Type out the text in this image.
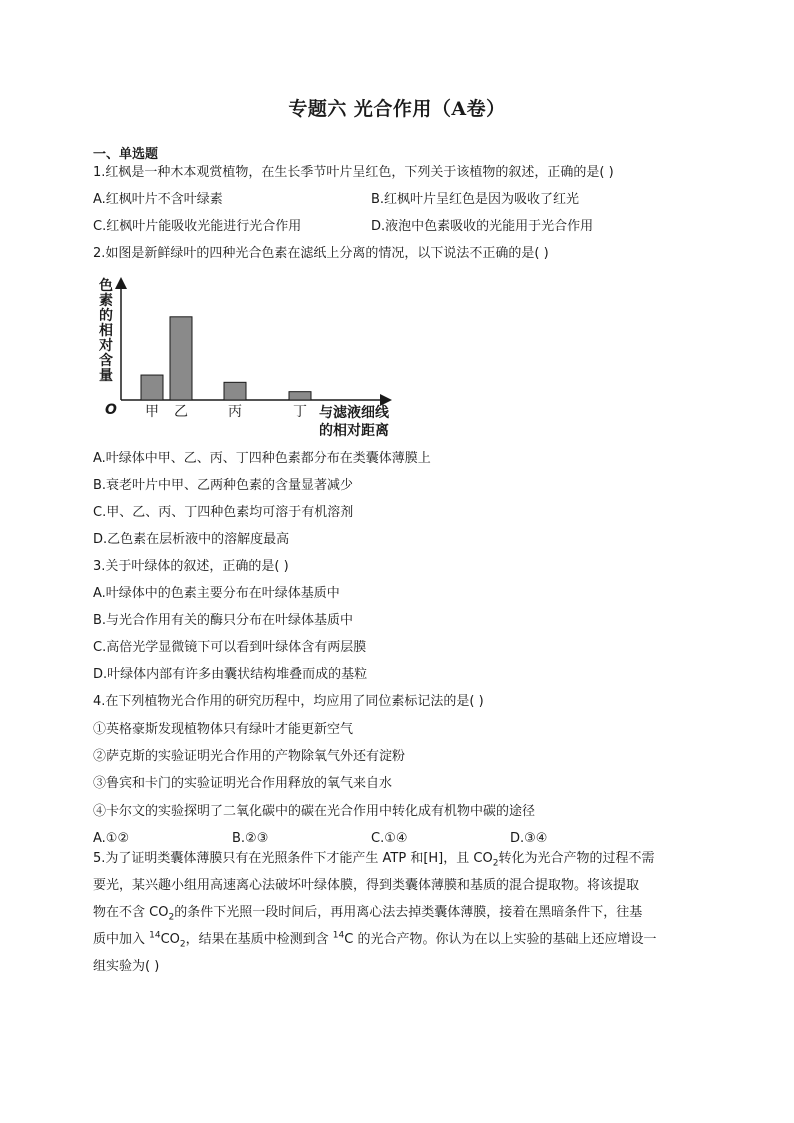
专题六 光合作用（A卷）
一、单选题
1.红枫是一种木本观赏植物，在生长季节叶片呈红色，下列关于该植物的叙述，正确的是( )
A.红枫叶片不含叶绿素	B.红枫叶片呈红色是因为吸收了红光
C.红枫叶片能吸收光能进行光合作用	D.液泡中色素吸收的光能用于光合作用
2.如图是新鲜绿叶的四种光合色素在滤纸上分离的情况，以下说法不正确的是( )
色
素
的
相
对
含
量
O 甲 乙	丙	丁 与滤液细线
的相对距离
A.叶绿体中甲、乙、丙、丁四种色素都分布在类囊体薄膜上
B.衰老叶片中甲、乙两种色素的含量显著减少
C.甲、乙、丙、丁四种色素均可溶于有机溶剂
D.乙色素在层析液中的溶解度最高
3.关于叶绿体的叙述，正确的是( )
A.叶绿体中的色素主要分布在叶绿体基质中
B.与光合作用有关的酶只分布在叶绿体基质中
C.高倍光学显微镜下可以看到叶绿体含有两层膜
D.叶绿体内部有许多由囊状结构堆叠而成的基粒
4.在下列植物光合作用的研究历程中，均应用了同位素标记法的是( )
①英格豪斯发现植物体只有绿叶才能更新空气
②萨克斯的实验证明光合作用的产物除氧气外还有淀粉
③鲁宾和卡门的实验证明光合作用释放的氧气来自水
④卡尔文的实验探明了二氧化碳中的碳在光合作用中转化成有机物中碳的途径
A.①②	B.②③	C.①④	D.③④
5.为了证明类囊体薄膜只有在光照条件下才能产生 ATP 和[H]，且 $CO_2$转化为光合产物的过程不需
要光，某兴趣小组用高速离心法破坏叶绿体膜，得到类囊体薄膜和基质的混合提取物。将该提取
物在不含 $CO_2$的条件下光照一段时间后，再用离心法去掉类囊体薄膜，接着在黑暗条件下，往基
质中加入 $^{14}CO_2$，结果在基质中检测到含 $^{14}$C 的光合产物。你认为在以上实验的基础上还应增设一
组实验为( )
